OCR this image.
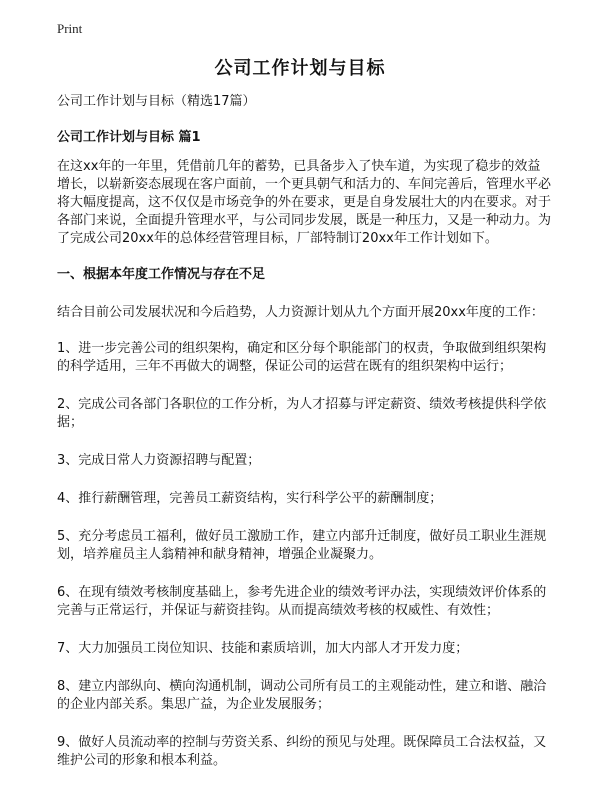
Print
公司工作计划与目标
公司工作计划与目标（精选17篇）
公司工作计划与目标 篇1
在这xx年的一年里，凭借前几年的蓄势，已具备步入了快车道，为实现了稳步的效益增长，以崭新姿态展现在客户面前，一个更具朝气和活力的、车间完善后，管理水平必将大幅度提高，这不仅仅是市场竞争的外在要求，更是自身发展壮大的内在要求。对于各部门来说，全面提升管理水平，与公司同步发展，既是一种压力，又是一种动力。为了完成公司20xx年的总体经营管理目标，厂部特制订20xx年工作计划如下。
一、根据本年度工作情况与存在不足
结合目前公司发展状况和今后趋势，人力资源计划从九个方面开展20xx年度的工作：
1、进一步完善公司的组织架构，确定和区分每个职能部门的权责，争取做到组织架构的科学适用，三年不再做大的调整，保证公司的运营在既有的组织架构中运行；
2、完成公司各部门各职位的工作分析，为人才招募与评定薪资、绩效考核提供科学依据；
3、完成日常人力资源招聘与配置；
4、推行薪酬管理，完善员工薪资结构，实行科学公平的薪酬制度；
5、充分考虑员工福利，做好员工激励工作，建立内部升迁制度，做好员工职业生涯规划，培养雇员主人翁精神和献身精神，增强企业凝聚力。
6、在现有绩效考核制度基础上，参考先进企业的绩效考评办法，实现绩效评价体系的完善与正常运行，并保证与薪资挂钩。从而提高绩效考核的权威性、有效性；
7、大力加强员工岗位知识、技能和素质培训，加大内部人才开发力度；
8、建立内部纵向、横向沟通机制，调动公司所有员工的主观能动性，建立和谐、融洽的企业内部关系。集思广益，为企业发展服务；
9、做好人员流动率的控制与劳资关系、纠纷的预见与处理。既保障员工合法权益，又维护公司的形象和根本利益。
